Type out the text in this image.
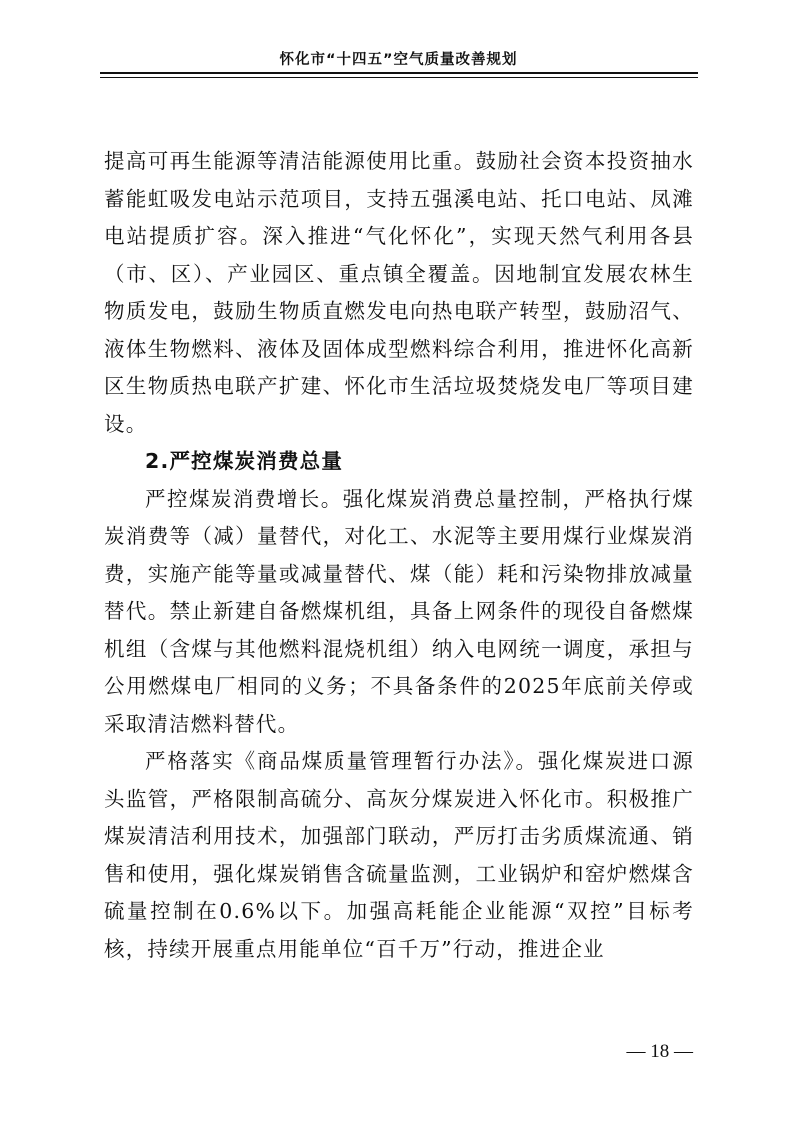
怀化市“十四五”空气质量改善规划

提高可再生能源等清洁能源使用比重。鼓励社会资本投资抽水蓄能虹吸发电站示范项目，支持五强溪电站、托口电站、凤滩电站提质扩容。深入推进“气化怀化”，实现天然气利用各县（市、区）、产业园区、重点镇全覆盖。因地制宜发展农林生物质发电，鼓励生物质直燃发电向热电联产转型，鼓励沼气、液体生物燃料、液体及固体成型燃料综合利用，推进怀化高新区生物质热电联产扩建、怀化市生活垃圾焚烧发电厂等项目建设。

2.严控煤炭消费总量

严控煤炭消费增长。强化煤炭消费总量控制，严格执行煤炭消费等（减）量替代，对化工、水泥等主要用煤行业煤炭消费，实施产能等量或减量替代、煤（能）耗和污染物排放减量替代。禁止新建自备燃煤机组，具备上网条件的现役自备燃煤机组（含煤与其他燃料混烧机组）纳入电网统一调度，承担与公用燃煤电厂相同的义务；不具备条件的2025年底前关停或采取清洁燃料替代。

严格落实《商品煤质量管理暂行办法》。强化煤炭进口源头监管，严格限制高硫分、高灰分煤炭进入怀化市。积极推广煤炭清洁利用技术，加强部门联动，严厉打击劣质煤流通、销售和使用，强化煤炭销售含硫量监测，工业锅炉和窑炉燃煤含硫量控制在0.6%以下。加强高耗能企业能源“双控”目标考核，持续开展重点用能单位“百千万”行动，推进企业

— 18 —
